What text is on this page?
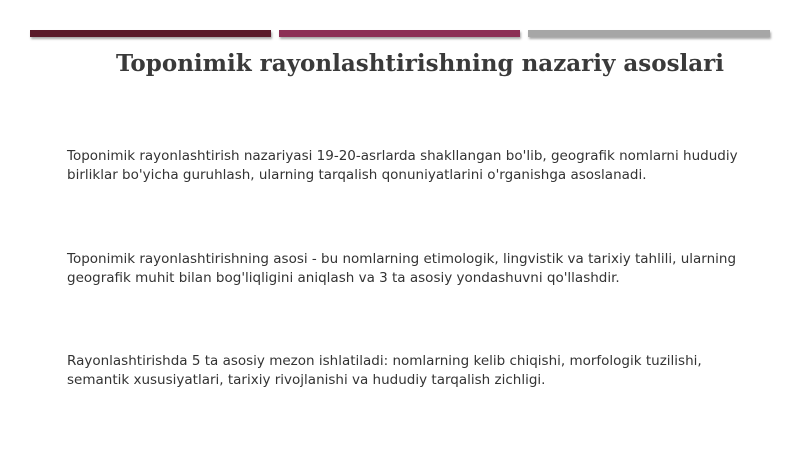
Toponimik rayonlashtirishning nazariy asoslari

Toponimik rayonlashtirish nazariyasi 19-20-asrlarda shakllangan bo'lib, geografik nomlarni hududiy birliklar bo'yicha guruhlash, ularning tarqalish qonuniyatlarini o'rganishga asoslanadi.

Toponimik rayonlashtirishning asosi - bu nomlarning etimologik, lingvistik va tarixiy tahlili, ularning geografik muhit bilan bog'liqligini aniqlash va 3 ta asosiy yondashuvni qo'llashdir.

Rayonlashtirishda 5 ta asosiy mezon ishlatiladi: nomlarning kelib chiqishi, morfologik tuzilishi, semantik xususiyatlari, tarixiy rivojlanishi va hududiy tarqalish zichligi.
